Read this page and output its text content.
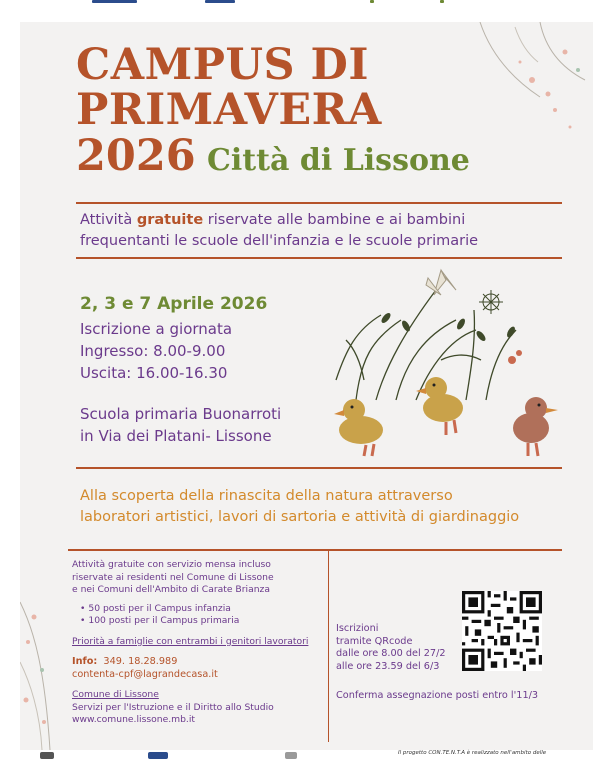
CAMPUS DI
PRIMAVERA
2026 Città di Lissone
Attività gratuite riservate alle bambine e ai bambini
frequentanti le scuole dell'infanzia e le scuole primarie
2, 3 e 7 Aprile 2026
Iscrizione a giornata
Ingresso: 8.00-9.00
Uscita: 16.00-16.30
Scuola primaria Buonarroti
in Via dei Platani- Lissone
Alla scoperta della rinascita della natura attraverso
laboratori artistici, lavori di sartoria e attività di giardinaggio
Attività gratuite con servizio mensa incluso
riservate ai residenti nel Comune di Lissone
e nei Comuni dell'Ambito di Carate Brianza
• 50 posti per il Campus infanzia
• 100 posti per il Campus primaria
Priorità a famiglie con entrambi i genitori lavoratori
Info: 349. 18.28.989
contenta-cpf@lagrandecasa.it
Comune di Lissone
Servizi per l'Istruzione e il Diritto allo Studio
www.comune.lissone.mb.it
Iscrizioni
tramite QRcode
dalle ore 8.00 del 27/2
alle ore 23.59 del 6/3
Conferma assegnazione posti entro l'11/3
Il progetto CON.TE.N.T.A è realizzato nell'ambito delle
